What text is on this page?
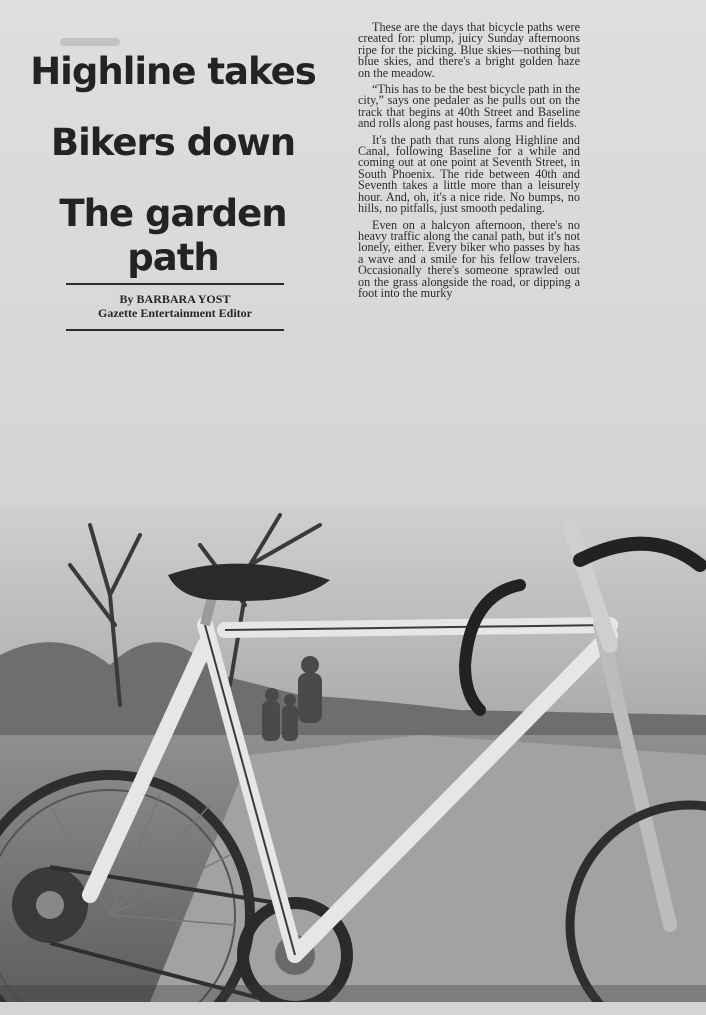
Highline takes
Bikers down
The garden path
By BARBARA YOST
Gazette Entertainment Editor

These are the days that bicycle paths were created for: plump, juicy Sunday afternoons ripe for the picking. Blue skies—nothing but blue skies, and there's a bright golden haze on the meadow.

“This has to be the best bicycle path in the city,” says one pedaler as he pulls out on the track that begins at 40th Street and Baseline and rolls along past houses, farms and fields.

It's the path that runs along Highline and Canal, following Baseline for a while and coming out at one point at Seventh Street, in South Phoenix. The ride between 40th and Seventh takes a little more than a leisurely hour. And, oh, it's a nice ride. No bumps, no hills, no pitfalls, just smooth pedaling.

Even on a halcyon afternoon, there's no heavy traffic along the canal path, but it's not lonely, either. Every biker who passes by has a wave and a smile for his fellow travelers. Occasionally there's someone sprawled out on the grass alongside the road, or dipping a foot into the murky
